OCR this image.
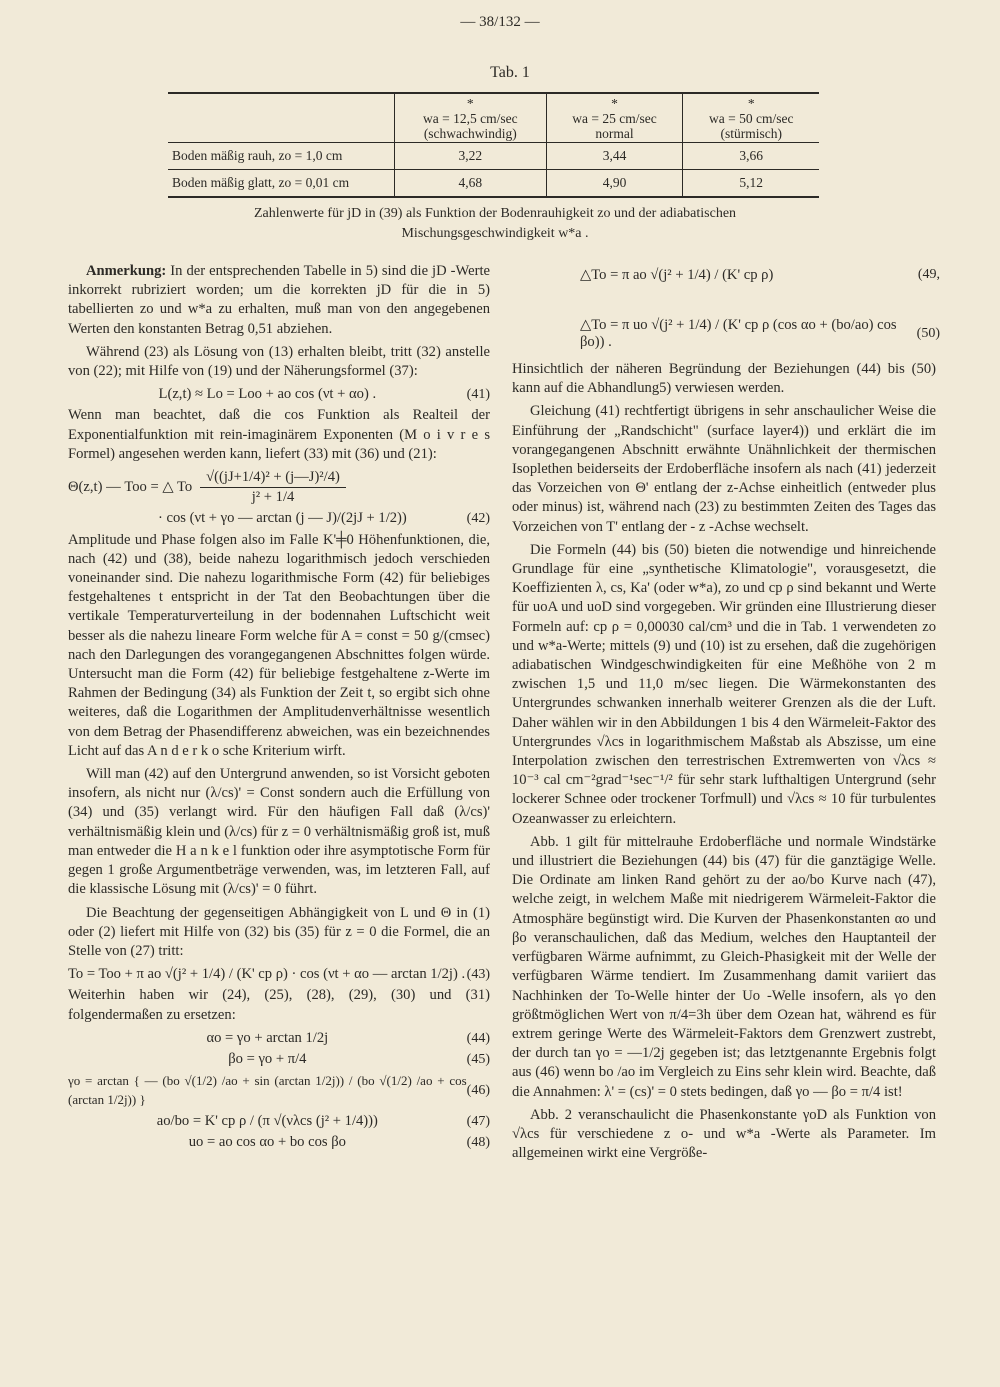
— 38/132 —
Tab. 1
	*
wa = 12,5 cm/sec
(schwachwindig)	*
wa = 25 cm/sec
normal	*
wa = 50 cm/sec
(stürmisch)
Boden mäßig rauh, zo = 1,0 cm	3,22	3,44	3,66
Boden mäßig glatt, zo = 0,01 cm	4,68	4,90	5,12
Zahlenwerte für jD in (39) als Funktion der Bodenrauhigkeit zo und der adiabatischen
Mischungsgeschwindigkeit w*a .
△To = π ao √(j² + 1/4) / (K' cp ρ)	(49,
△To = π uo √(j² + 1/4) / (K' cp ρ (cos αo + (bo/ao) cos βo)) .
(50)

Anmerkung: In der entsprechenden Tabelle in 5) sind die jD -Werte inkorrekt rubriziert worden; um die korrekten jD für die in 5) tabellierten zo und w*a zu erhalten, muß man von den angegebenen Werten den konstanten Betrag 0,51 abziehen.

Während (23) als Lösung von (13) erhalten bleibt, tritt (32) anstelle von (22); mit Hilfe von (19) und der Näherungsformel (37):

L(z,t) ≈ Lo = Loo + ao cos (νt + αo) .	(41)

Wenn man beachtet, daß die cos Funktion als Realteil der Exponentialfunktion mit rein-imaginärem Exponenten (M o i v r e s Formel) angesehen werden kann, liefert (33) mit (36) und (21):

Θ(z,t) — Too = △ To $\frac{\text{√((jJ+1/4)² + (j—J)²/4)}}{\text{j² + 1/4}}$
· cos (νt + γo — arctan (j — J)/(2jJ + 1/2))	(42)

Amplitude und Phase folgen also im Falle K'╪0 Höhenfunktionen, die, nach (42) und (38), beide nahezu logarithmisch jedoch verschieden voneinander sind. Die nahezu logarithmische Form (42) für beliebiges festgehaltenes t entspricht in der Tat den Beobachtungen über die vertikale Temperaturverteilung in der bodennahen Luftschicht weit besser als die nahezu lineare Form welche für A = const = 50 g/(cmsec) nach den Darlegungen des vorangegangenen Abschnittes folgen würde. Untersucht man die Form (42) für beliebige festgehaltene z-Werte im Rahmen der Bedingung (34) als Funktion der Zeit t, so ergibt sich ohne weiteres, daß die Logarithmen der Amplitudenverhältnisse wesentlich von dem Betrag der Phasendifferenz abweichen, was ein bezeichnendes Licht auf das A n d e r k o sche Kriterium wirft.

Will man (42) auf den Untergrund anwenden, so ist Vorsicht geboten insofern, als nicht nur (λ/cs)' = Const sondern auch die Erfüllung von (34) und (35) verlangt wird. Für den häufigen Fall daß (λ/cs)' verhältnismäßig klein und (λ/cs) für z = 0 verhältnismäßig groß ist, muß man entweder die H a n k e l funktion oder ihre asymptotische Form für gegen 1 große Argumentbeträge verwenden, was, im letzteren Fall, auf die klassische Lösung mit (λ/cs)' = 0 führt.

Die Beachtung der gegenseitigen Abhängigkeit von L und Θ in (1) oder (2) liefert mit Hilfe von (32) bis (35) für z = 0 die Formel, die an Stelle von (27) tritt:

To = Too + π ao √(j² + 1/4) / (K' cp ρ) · cos (νt + αo — arctan 1/2j) . (43)

Weiterhin haben wir (24), (25), (28), (29), (30) und (31) folgendermaßen zu ersetzen:

αo = γo + arctan 1/2j	(44)
βo = γo + π/4	(45)
γo = arctan { — (bo √(1/2) /ao + sin (arctan 1/2j)) / (bo √(1/2) /ao + cos (arctan 1/2j)) }
(46)
ao/bo = K' cp ρ / (π √(νλcs (j² + 1/4)))	(47)
uo = ao cos αo + bo cos βo	(48)

Hinsichtlich der näheren Begründung der Beziehungen (44) bis (50) kann auf die Abhandlung5) verwiesen werden.

Gleichung (41) rechtfertigt übrigens in sehr anschaulicher Weise die Einführung der „Randschicht" (surface layer4)) und erklärt die im vorangegangenen Abschnitt erwähnte Unähnlichkeit der thermischen Isoplethen beiderseits der Erdoberfläche insofern als nach (41) jederzeit das Vorzeichen von Θ' entlang der z-Achse einheitlich (entweder plus oder minus) ist, während nach (23) zu bestimmten Zeiten des Tages das Vorzeichen von T' entlang der - z -Achse wechselt.

Die Formeln (44) bis (50) bieten die notwendige und hinreichende Grundlage für eine „synthetische Klimatologie", vorausgesetzt, die Koeffizienten λ, cs, Ka' (oder w*a), zo und cp ρ sind bekannt und Werte für uoA und uoD sind vorgegeben. Wir gründen eine Illustrierung dieser Formeln auf: cp ρ = 0,00030 cal/cm³ und die in Tab. 1 verwendeten zo und w*a-Werte; mittels (9) und (10) ist zu ersehen, daß die zugehörigen adiabatischen Windgeschwindigkeiten für eine Meßhöhe von 2 m zwischen 1,5 und 11,0 m/sec liegen. Die Wärmekonstanten des Untergrundes schwanken innerhalb weiterer Grenzen als die der Luft. Daher wählen wir in den Abbildungen 1 bis 4 den Wärmeleit-Faktor des Untergrundes √λcs in logarithmischem Maßstab als Abszisse, um eine Interpolation zwischen den terrestrischen Extremwerten von √λcs ≈ 10⁻³ cal cm⁻²grad⁻¹sec⁻¹/² für sehr stark lufthaltigen Untergrund (sehr lockerer Schnee oder trockener Torfmull) und √λcs ≈ 10 für turbulentes Ozeanwasser zu erleichtern.

Abb. 1 gilt für mittelrauhe Erdoberfläche und normale Windstärke und illustriert die Beziehungen (44) bis (47) für die ganztägige Welle. Die Ordinate am linken Rand gehört zu der ao/bo Kurve nach (47), welche zeigt, in welchem Maße mit niedrigerem Wärmeleit-Faktor die Atmosphäre begünstigt wird. Die Kurven der Phasenkonstanten αo und βo veranschaulichen, daß das Medium, welches den Hauptanteil der verfügbaren Wärme aufnimmt, zu Gleich-Phasigkeit mit der Welle der verfügbaren Wärme tendiert. Im Zusammenhang damit variiert das Nachhinken der To-Welle hinter der Uo -Welle insofern, als γo den größtmöglichen Wert von π/4=3h über dem Ozean hat, während es für extrem geringe Werte des Wärmeleit-Faktors dem Grenzwert zustrebt, der durch tan γo = —1/2j gegeben ist; das letztgenannte Ergebnis folgt aus (46) wenn bo /ao im Vergleich zu Eins sehr klein wird. Beachte, daß die Annahmen: λ' = (cs)' = 0 stets bedingen, daß γo — βo = π/4 ist!

Abb. 2 veranschaulicht die Phasenkonstante γoD als Funktion von √λcs für verschiedene z o- und w*a -Werte als Parameter. Im allgemeinen wirkt eine Vergröße-
